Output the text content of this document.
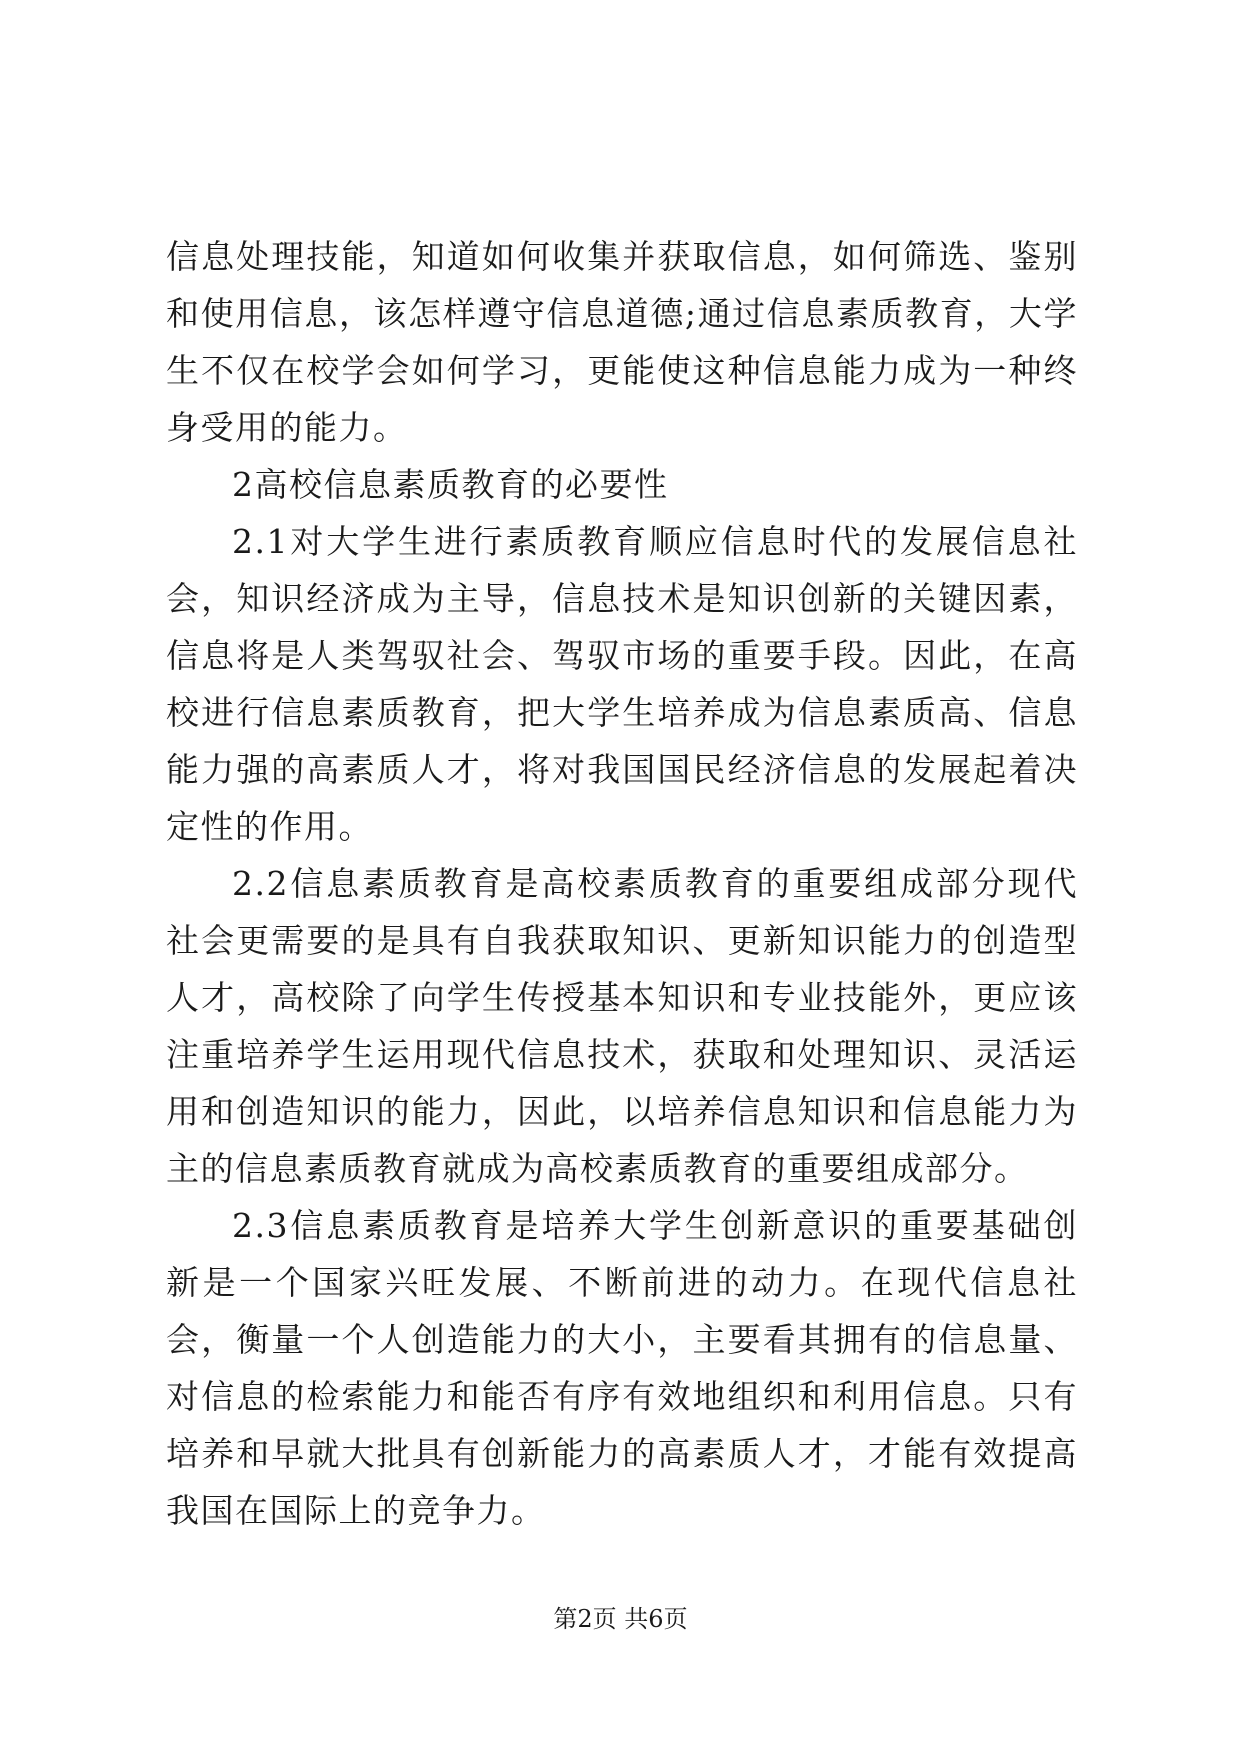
信息处理技能，知道如何收集并获取信息，如何筛选、鉴别和使用信息，该怎样遵守信息道德;通过信息素质教育，大学生不仅在校学会如何学习，更能使这种信息能力成为一种终身受用的能力。

2高校信息素质教育的必要性

2.1对大学生进行素质教育顺应信息时代的发展信息社会，知识经济成为主导，信息技术是知识创新的关键因素，信息将是人类驾驭社会、驾驭市场的重要手段。因此，在高校进行信息素质教育，把大学生培养成为信息素质高、信息能力强的高素质人才，将对我国国民经济信息的发展起着决定性的作用。

2.2信息素质教育是高校素质教育的重要组成部分现代社会更需要的是具有自我获取知识、更新知识能力的创造型人才，高校除了向学生传授基本知识和专业技能外，更应该注重培养学生运用现代信息技术，获取和处理知识、灵活运用和创造知识的能力，因此，以培养信息知识和信息能力为主的信息素质教育就成为高校素质教育的重要组成部分。

2.3信息素质教育是培养大学生创新意识的重要基础创新是一个国家兴旺发展、不断前进的动力。在现代信息社会，衡量一个人创造能力的大小，主要看其拥有的信息量、对信息的检索能力和能否有序有效地组织和利用信息。只有培养和早就大批具有创新能力的高素质人才，才能有效提高我国在国际上的竞争力。

第2页 共6页
